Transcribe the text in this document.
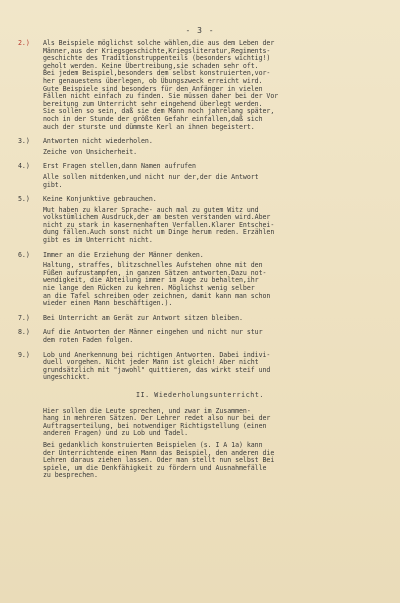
- 3 -
2.)	Als Beispiele möglichst solche wählen,die aus dem Leben der
Männer,aus der Kriegsgeschichte,Kriegsliteratur,Regiments-
geschichte des Traditionstruppenteils (besonders wichtig!)
geholt werden. Keine Übertreibung,sie schaden sehr oft.
Bei jedem Beispiel,besonders dem selbst konstruierten,vor-
her genauestens überlegen, ob Übungszweck erreicht wird.
Gute Beispiele sind besonders für den Anfänger in vielen
Fällen nicht einfach zu finden. Sie müssen daher bei der Vor
bereitung zum Unterricht sehr eingehend überlegt werden.
Sie sollen so sein, daß sie dem Mann noch jahrelang später,
noch in der Stunde der größten Gefahr einfallen,daß sich
auch der sturste und dümmste Kerl an ihnen begeistert.
3.)	Antworten nicht wiederholen.
Zeiche von Unsicherheit.
4.)	Erst Fragen stellen,dann Namen aufrufen
Alle sollen mitdenken,und nicht nur der,der die Antwort
gibt.
5.)	Keine Konjunktive gebrauchen.
Mut haben zu klarer Sprache- auch mal zu gutem Witz und
volkstümlichem Ausdruck,der am besten verstanden wird.Aber
nicht zu stark in kasernenhaften Verfallen.Klarer Entschei-
dung fällen.Auch sonst nicht um Dinge herum reden. Erzählen
gibt es im Unterricht nicht.
6.)	Immer an die Erziehung der Männer denken.
Haltung, straffes, blitzschnelles Aufstehen ohne mit den
Füßen aufzustampfen, in ganzen Sätzen antworten.Dazu not-
wendigkeit, die Abteilung immer im Auge zu behalten,ihr
nie lange den Rücken zu kehren. Möglichst wenig selber
an die Tafel schreiben oder zeichnen, damit kann man schon
wieder einen Mann beschäftigen.).
7.)	Bei Unterricht am Gerät zur Antwort sitzen bleiben.
8.)	Auf die Antworten der Männer eingehen und nicht nur stur
dem roten Faden folgen.
9.)	Lob und Anerkennung bei richtigen Antworten. Dabei indivi-
duell vorgehen. Nicht jeder Mann ist gleich! Aber nicht
grundsätzlich mit "jawohl" quittieren, das wirkt steif und
ungeschickt.
II. Wiederholungsunterricht.
Hier sollen die Leute sprechen, und zwar im Zusammen-
hang in mehreren Sätzen. Der Lehrer redet also nur bei der
Auftragserteilung, bei notwendiger Richtigstellung (einen
anderen Fragen) und zu Lob und Tadel.
Bei gedanklich konstruierten Beispielen (s. I A 1a) kann
der Unterrichtende einen Mann das Beispiel, den anderen die
Lehren daraus ziehen lassen. Oder man stellt nun selbst Bei
spiele, um die Denkfähigkeit zu fördern und Ausnahmefälle
zu besprechen.
